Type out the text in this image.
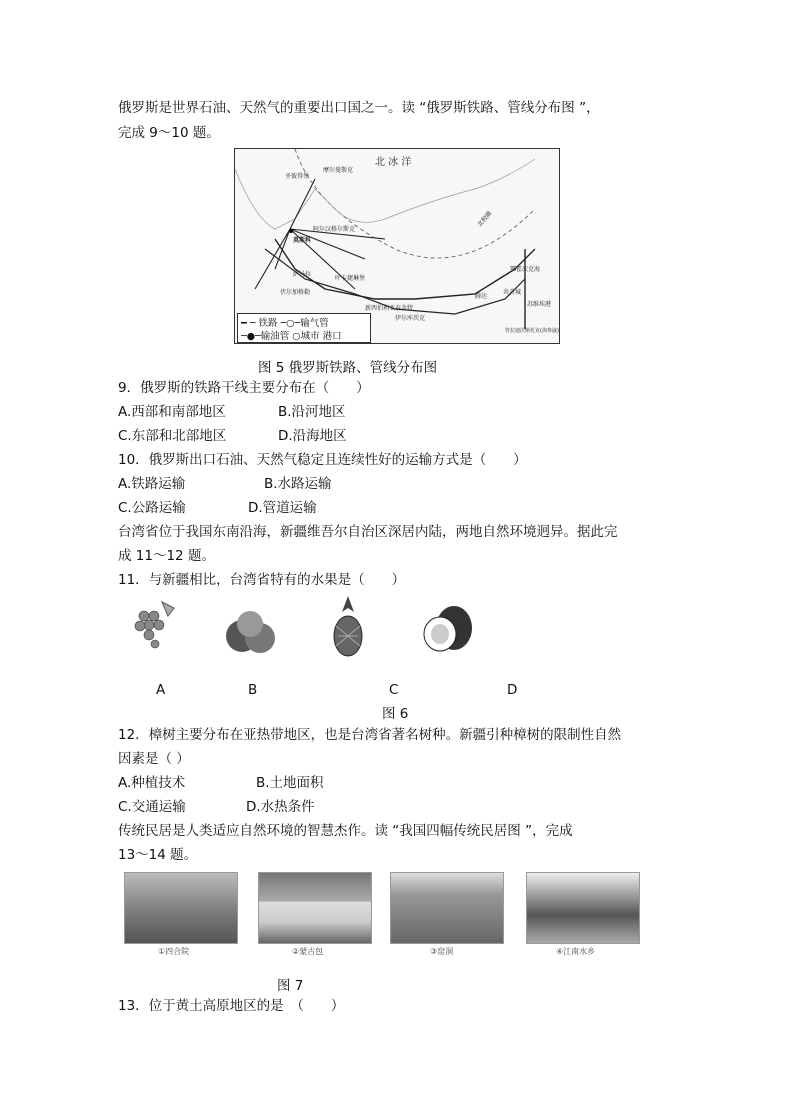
俄罗斯是世界石油、天然气的重要出口国之一。读 “俄罗斯铁路、管线分布图 ”，
完成 9～10 题。
北 冰 洋
摩尔曼斯克
圣彼得堡
阿尔汉格尔斯克
莫斯科
萨马拉
叶卡捷琳堡
伏尔加格勒
新西伯利亚 泰舍特
伊尔库茨克
腾达
共青城
苏维埃港
鄂霍次克海
北极圈
符拉迪沃斯托克(海参崴)
━ ─ 铁路 ─○─输气管
─●─输油管 ○城市 港口
图 5 俄罗斯铁路、管线分布图
9．俄罗斯的铁路干线主要分布在（　　）
A.西部和南部地区	B.沿河地区
C.东部和北部地区	D.沿海地区
10．俄罗斯出口石油、天然气稳定且连续性好的运输方式是（　　）
A.铁路运输	B.水路运输
C.公路运输	D.管道运输
台湾省位于我国东南沿海，新疆维吾尔自治区深居内陆，两地自然环境迥异。据此完
成 11～12 题。
11．与新疆相比，台湾省特有的水果是（　　）
A	B	C	D
图 6
12．樟树主要分布在亚热带地区，也是台湾省著名树种。新疆引种樟树的限制性自然
因素是（ ）
A.种植技术	B.土地面积
C.交通运输	D.水热条件
传统民居是人类适应自然环境的智慧杰作。读 “我国四幅传统民居图 ”，完成
13～14 题。
①四合院	②蒙古包	③窑洞	④江南水乡
图 7
13．位于黄土高原地区的是　（　　）
